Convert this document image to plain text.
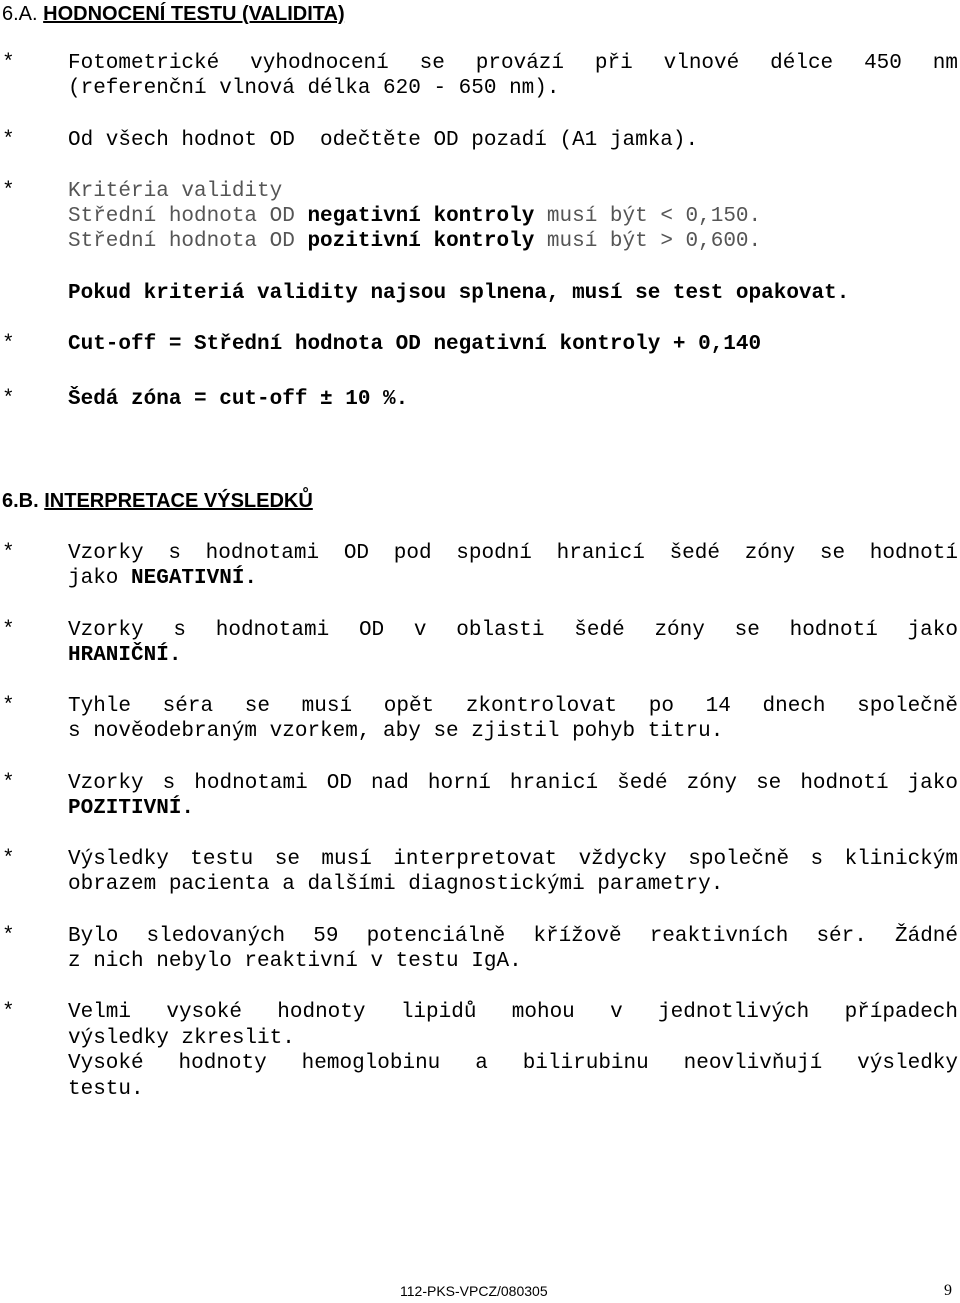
6.A. HODNOCENÍ TESTU (VALIDITA)
*	Fotometrické vyhodnocení se provází při vlnové délce 450 nm
(referenční vlnová délka 620 - 650 nm).
*	Od všech hodnot OD  odečtěte OD pozadí (A1 jamka).
*	Kritéria validity
Střední hodnota OD negativní kontroly musí být < 0,150.
Střední hodnota OD pozitivní kontroly musí být > 0,600.
Pokud kriteriá validity najsou splnena, musí se test opakovat.
*	Cut-off = Střední hodnota OD negativní kontroly + 0,140
*	Šedá zóna = cut-off ± 10 %.
6.B. INTERPRETACE VÝSLEDKŮ
*	Vzorky s hodnotami OD pod spodní hranicí šedé zóny se hodnotí
jako NEGATIVNÍ.
*	Vzorky s hodnotami OD v oblasti šedé zóny se hodnotí jako
HRANIČNÍ.
*	Tyhle séra se musí opět zkontrolovat po 14 dnech společně
s nověodebraným vzorkem, aby se zjistil pohyb titru.
*	Vzorky s hodnotami OD nad horní hranicí šedé zóny se hodnotí jako
POZITIVNÍ.
*	Výsledky testu se musí interpretovat vždycky společně s klinickým
obrazem pacienta a dalšími diagnostickými parametry.
*	Bylo sledovaných 59 potenciálně křížově reaktivních sér. Žádné
z nich nebylo reaktivní v testu IgA.
*	Velmi vysoké hodnoty lipidů mohou v jednotlivých případech
výsledky zkreslit.
Vysoké hodnoty hemoglobinu a bilirubinu neovlivňují výsledky
testu.
112-PKS-VPCZ/080305	9
